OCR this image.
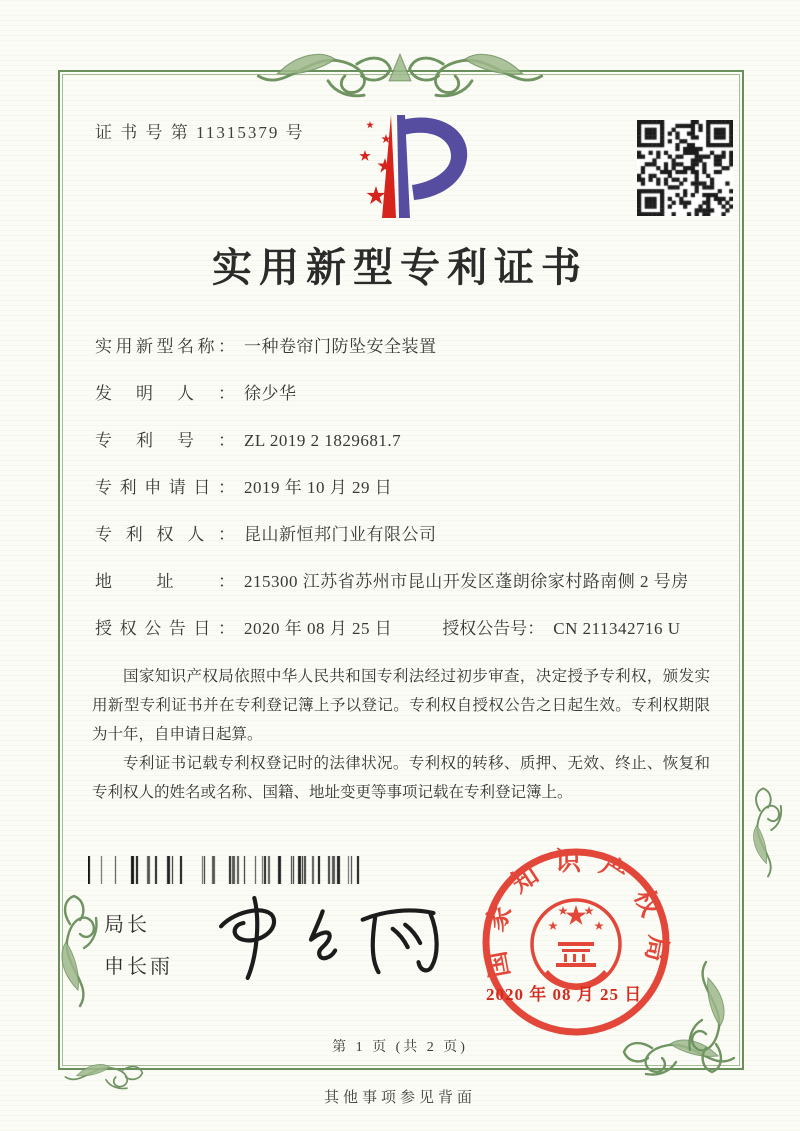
证 书 号 第 11315379 号
实用新型专利证书
实用新型名称： 一种卷帘门防坠安全装置
发明人： 徐少华
专利号： ZL 2019 2 1829681.7
专利申请日： 2019 年 10 月 29 日
专利权人： 昆山新恒邦门业有限公司
地址： 215300 江苏省苏州市昆山开发区蓬朗徐家村路南侧 2 号房
授权公告日： 2020 年 08 月 25 日	授权公告号： CN 211342716 U

国家知识产权局依照中华人民共和国专利法经过初步审查，决定授予专利权，颁发实用新型专利证书并在专利登记簿上予以登记。专利权自授权公告之日起生效。专利权期限为十年，自申请日起算。

专利证书记载专利权登记时的法律状况。专利权的转移、质押、无效、终止、恢复和专利权人的姓名或名称、国籍、地址变更等事项记载在专利登记簿上。

局长
申长雨	国家知识产权局
2020 年 08 月 25 日
第 1 页 (共 2 页)
其他事项参见背面
